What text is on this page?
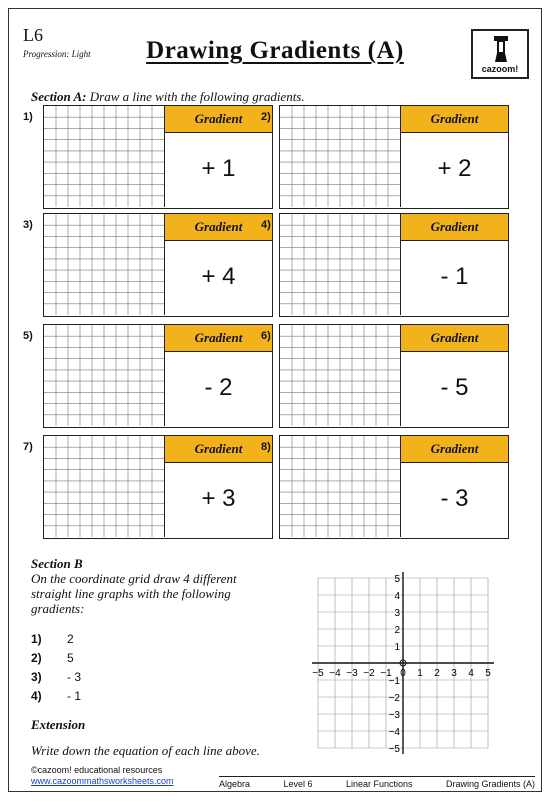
L6
Progression: Light	Drawing Gradients (A)
cazoom!
Section A: Draw a line with the following gradients.
1)	Gradient
+ 1
2)	Gradient
+ 2
3)	Gradient
+ 4
4)	Gradient
- 1
5)	Gradient
- 2
6)	Gradient
- 5
7)	Gradient
+ 3
8)	Gradient
- 3
Section B
On the coordinate grid draw 4 different
straight line graphs with the following
gradients:
1)	2
2)	5
3)	- 3
4)	- 1
Extension
Write down the equation of each line above.
−5 −4 −3 −2 −1 0 1 2 3 4 5
5
4
3
2
1
−1
−2
−3
−4
−5
©cazoom! educational resources
www.cazoommathsworksheets.com	Algebra	Level 6	Linear Functions	Drawing Gradients (A)
